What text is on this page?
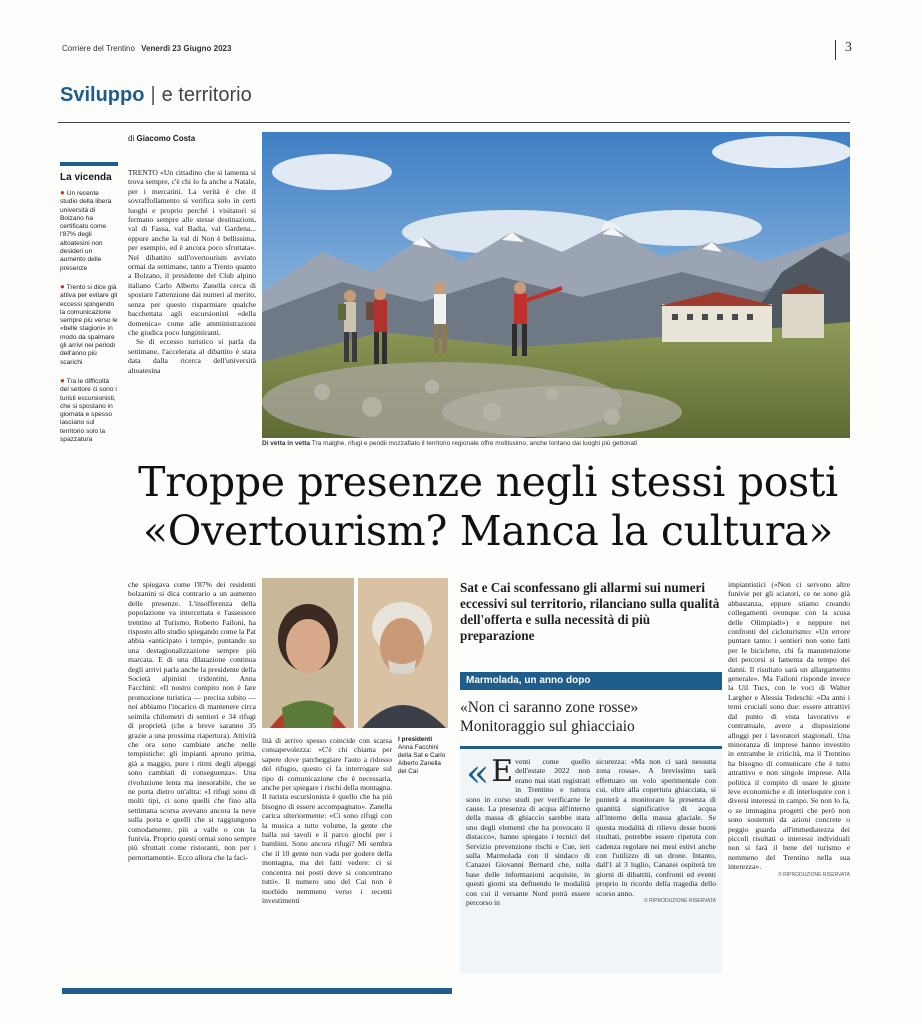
Corriere del Trentino Venerdì 23 Giugno 2023	3
Sviluppo | e territorio
La vicenda

● Un recente studio della libera università di Bolzano ha certificato come l'87% degli altoatesini non desideri un aumento delle presenze

● Trento si dice già attiva per evitare gli eccessi spingendo la comunicazione sempre più verso le «belle stagioni» in modo da spalmare gli arrivi nei periodi dell'anno più scarichi

● Tra le difficoltà del settore ci sono i turisti escursionisti, che si spostano in giornata e spesso lasciano sul territorio solo la spazzatura

di Giacomo Costa
TRENTO «Un cittadino che si lamenta si trova sempre, c'è chi lo fa anche a Natale, per i mercatini. La verità è che il sovraffollamento si verifica solo in certi luoghi e proprio perché i visitatori si fermano sempre alle stesse destinazioni, val di Fassa, val Badia, val Gardena... eppure anche la val di Non è bellissima, per esempio, ed è ancora poco sfruttata». Nel dibattito sull'overtourism avviato ormai da settimane, tanto a Trento quanto a Bolzano, il presidente del Club alpino italiano Carlo Alberto Zanella cerca di spostare l'attenzione dai numeri al merito, senza per questo risparmiare qualche bacchettata agli escursionisti «della domenica» come alle amministrazioni che giudica poco lungimiranti.
Se di eccesso turistico si parla da settimane, l'accelerata al dibattito è stata data dalla ricerca dell'università altoatesina
Di vetta in vetta Tra malghe, rifugi e pendii mozzafiato il territorio regionale offre moltissimo, anche lontano dai luoghi più gettonati
Troppe presenze negli stessi posti
«Overtourism? Manca la cultura»
che spiegava come l'87% dei residenti bolzanini si dica contrario a un aumento delle presenze. L'insofferenza della popolazione va intercettata e l'assessore trentino al Turismo, Roberto Failoni, ha risposto allo studio spiegando come la Pat abbia «anticipato i tempi», puntando su una destagionalizzazione sempre più marcata. E di una dilatazione continua degli arrivi parla anche la presidente della Società alpinisti tridentini, Anna Facchini: «Il nostro compito non è fare promozione turistica — precisa subito — noi abbiamo l'incarico di mantenere circa seimila chilometri di sentieri e 34 rifugi di proprietà (che a breve saranno 35 grazie a una prossima riapertura). Attività che ora sono cambiate anche nelle tempistiche: gli impianti aprono prima, già a maggio, pure i ritmi degli alpeggi sono cambiati di conseguenza». Una rivoluzione lenta ma inesorabile, che se ne porta dietro un'altra: «I rifugi sono di molti tipi, ci sono quelli che fino alla settimana scorsa avevano ancora la neve sulla porta e quelli che si raggiungono comodamente, più a valle o con la funivia. Proprio questi ormai sono sempre più sfruttati come ristoranti, non per i pernottamenti». Ecco allora che la faci-
lità di arrivo spesso coincide con scarsa consapevolezza: «C'è chi chiama per sapere dove parcheggiare l'auto a ridosso del rifugio, questo ci fa interrogare sul tipo di comunicazione che è necessaria, anche per spiegare i rischi della montagna. Il turista escursionista è quello che ha più bisogno di essere accompagnato». Zanella carica ulteriormente: «Ci sono rifugi con la musica a tutto volume, la gente che balla sui tavoli e il parco giochi per i bambini. Sono ancora rifugi? Mi sembra che il 10 gente non vada per godere della montagna, ma dei fatti vedere: ci si concentra nei posti dove si concentrano tutti». Il numero uno del Cai non è morbido nemmeno verso i recenti investimenti
I presidenti
Anna Facchini della Sat e Carlo Alberto Zanella del Cai
Sat e Cai sconfessano gli allarmi sui numeri eccessivi sul territorio, rilanciano sulla qualità dell'offerta e sulla necessità di più preparazione
Marmolada, un anno dopo
«Non ci saranno zone rosse»
Monitoraggio sul ghiacciaio
« E venti come quello dell'estate 2022 non erano mai stati registrati in Trentino e tuttora sono in corso studi per verificarne le cause. La presenza di acqua all'interno della massa di ghiaccio sarebbe stata uno degli elementi che ha provocato il distacco», hanno spiegato i tecnici del Servizio prevenzione rischi e Cue, ieri sulla Marmolada con il sindaco di Canazei Giovanni Bernard che, sulla base delle informazioni acquisite, in questi giorni sta definendo le modalità con cui il versante Nord potrà essere percorso in
sicurezza: «Ma non ci sarà nessuna zona rossa». A brevissimo sarà effettuato un volo sperimentale con cui, oltre alla copertura ghiacciata, si punterà a monitorare la presenza di quantità significative di acqua all'interno della massa glaciale. Se questa modalità di rilievo desse buoni risultati, potrebbe essere ripetuta con cadenza regolare nei mesi estivi anche con l'utilizzo di un drone. Intanto, dall'1 al 3 luglio, Canazei ospiterà tre giorni di dibattiti, confronti ed eventi proprio in ricordo della tragedia dello scorso anno.
© RIPRODUZIONE RISERVATA
impiantistici («Non ci servono altre funivie per gli sciatori, ce ne sono già abbastanza, eppure stiamo creando collegamenti ovunque con la scusa delle Olimpiadi») e neppure nei confronti del cicloturismo: «Un errore puntare tanto: i sentieri non sono fatti per le biciclette, chi fa manutenzione dei percorsi si lamenta da tempo dei danni. Il risultato sarà un allargamento generale». Ma Failoni risponde invece la Uil Tucs, con le voci di Walter Largher e Alessia Tedeschi: «Da anni i temi cruciali sono due: essere attrattivi dal punto di vista lavorativo e contrattuale, avere a disposizione alloggi per i lavoratori stagionali. Una minoranza di imprese hanno investito in entrambe le criticità, ma il Trentino ha bisogno di comunicare che è tutto attrattivo e non singole imprese. Alla politica il compito di usare le giuste leve economiche e di interloquire con i diversi interessi in campo. Se non lo fa, o se immagina progetti che però non sono sostenuti da azioni concrete o peggio guarda all'immediatezza dei piccoli risultati o interessi individuali non si farà il bene del turismo e nemmeno del Trentino nella sua interezza».
© RIPRODUZIONE RISERVATA
